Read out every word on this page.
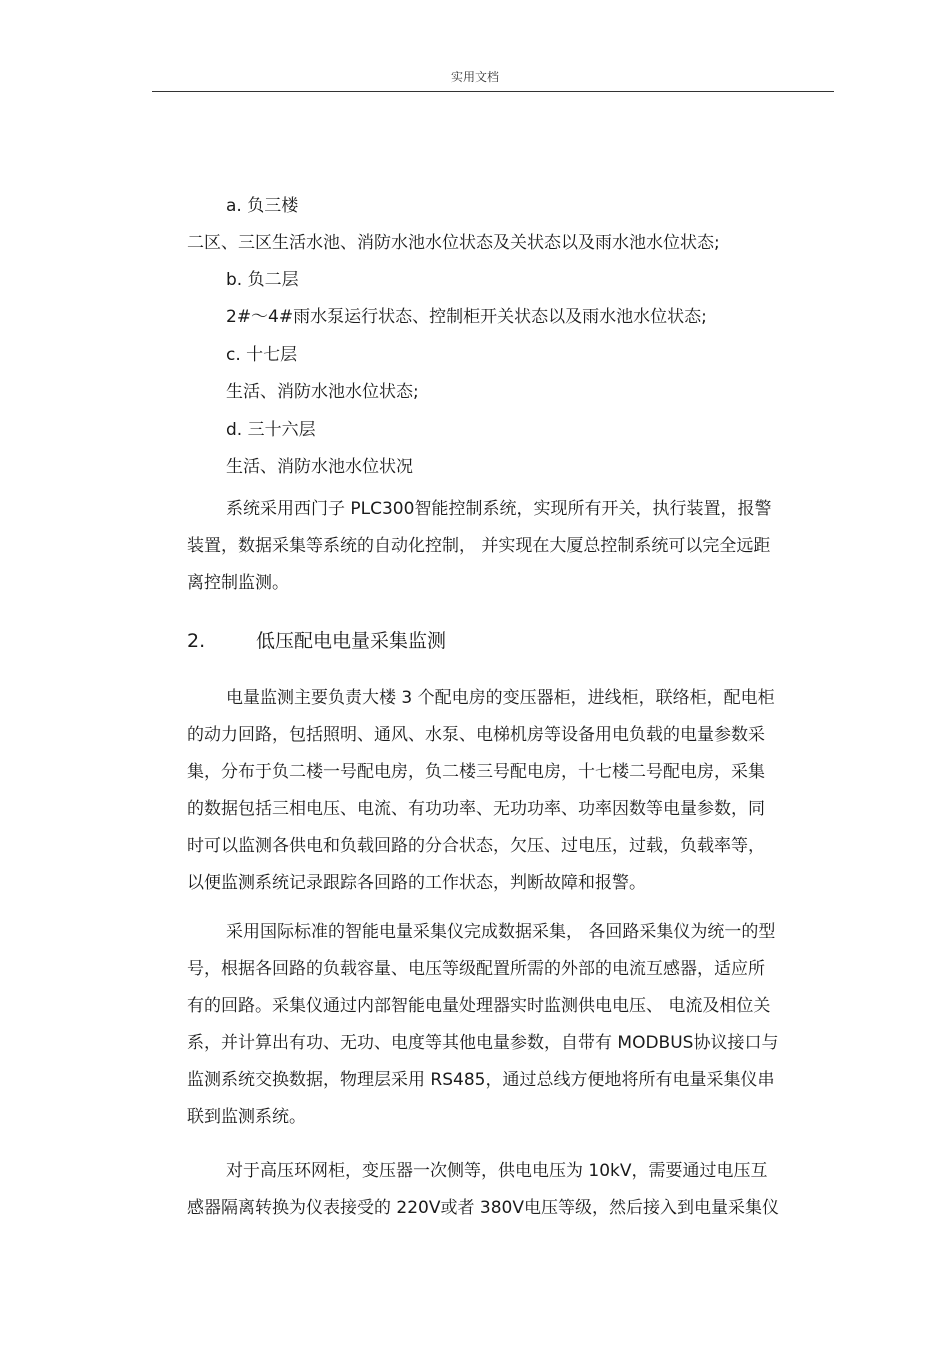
实用文档
a. 负三楼
二区、三区生活水池、消防水池水位状态及关状态以及雨水池水位状态;
b. 负二层
2#～4#雨水泵运行状态、控制柜开关状态以及雨水池水位状态;
c. 十七层
生活、消防水池水位状态;
d. 三十六层
生活、消防水池水位状况
系统采用西门子 PLC300智能控制系统，实现所有开关，执行装置，报警
装置，数据采集等系统的自动化控制， 并实现在大厦总控制系统可以完全远距
离控制监测。
2.	低压配电电量采集监测
电量监测主要负责大楼 3 个配电房的变压器柜，进线柜，联络柜，配电柜
的动力回路，包括照明、通风、水泵、电梯机房等设备用电负载的电量参数采
集，分布于负二楼一号配电房，负二楼三号配电房，十七楼二号配电房，采集
的数据包括三相电压、电流、有功功率、无功功率、功率因数等电量参数，同
时可以监测各供电和负载回路的分合状态，欠压、过电压，过载，负载率等，
以便监测系统记录跟踪各回路的工作状态，判断故障和报警。
采用国际标准的智能电量采集仪完成数据采集， 各回路采集仪为统一的型
号，根据各回路的负载容量、电压等级配置所需的外部的电流互感器，适应所
有的回路。采集仪通过内部智能电量处理器实时监测供电电压、 电流及相位关
系，并计算出有功、无功、电度等其他电量参数，自带有 MODBUS协议接口与
监测系统交换数据，物理层采用 RS485，通过总线方便地将所有电量采集仪串
联到监测系统。
对于高压环网柜，变压器一次侧等，供电电压为 10kV，需要通过电压互
感器隔离转换为仪表接受的 220V或者 380V电压等级，然后接入到电量采集仪
